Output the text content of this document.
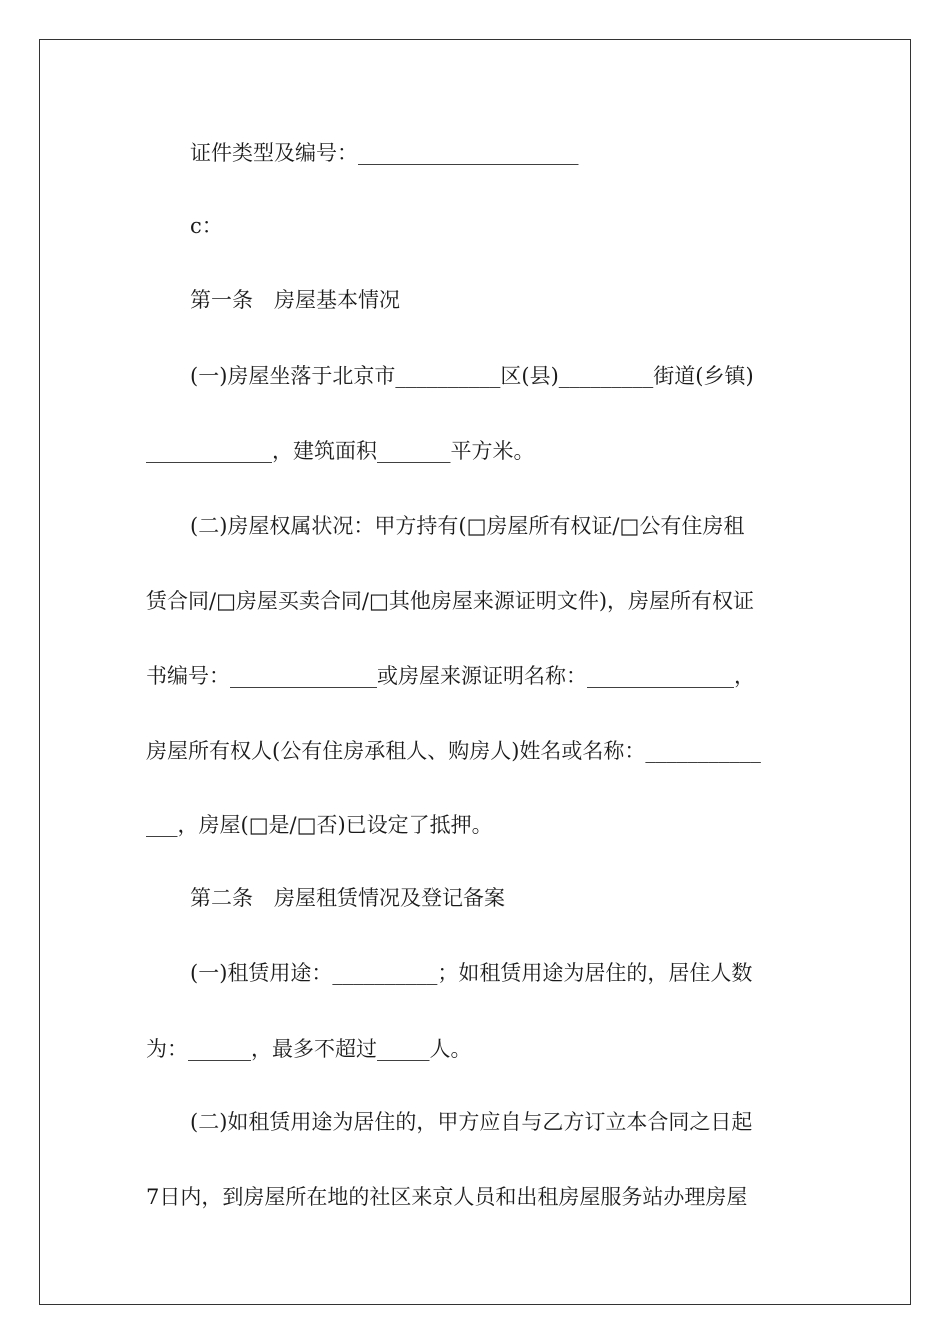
证件类型及编号：_____________________
c：
第一条　房屋基本情况
(一)房屋坐落于北京市__________区(县)_________街道(乡镇)
____________，建筑面积_______平方米。
(二)房屋权属状况：甲方持有(□房屋所有权证/□公有住房租
赁合同/□房屋买卖合同/□其他房屋来源证明文件)，房屋所有权证
书编号：______________或房屋来源证明名称：______________，
房屋所有权人(公有住房承租人、购房人)姓名或名称：___________
___，房屋(□是/□否)已设定了抵押。
第二条　房屋租赁情况及登记备案
(一)租赁用途：__________；如租赁用途为居住的，居住人数
为：______，最多不超过_____人。
(二)如租赁用途为居住的，甲方应自与乙方订立本合同之日起
7日内，到房屋所在地的社区来京人员和出租房屋服务站办理房屋
